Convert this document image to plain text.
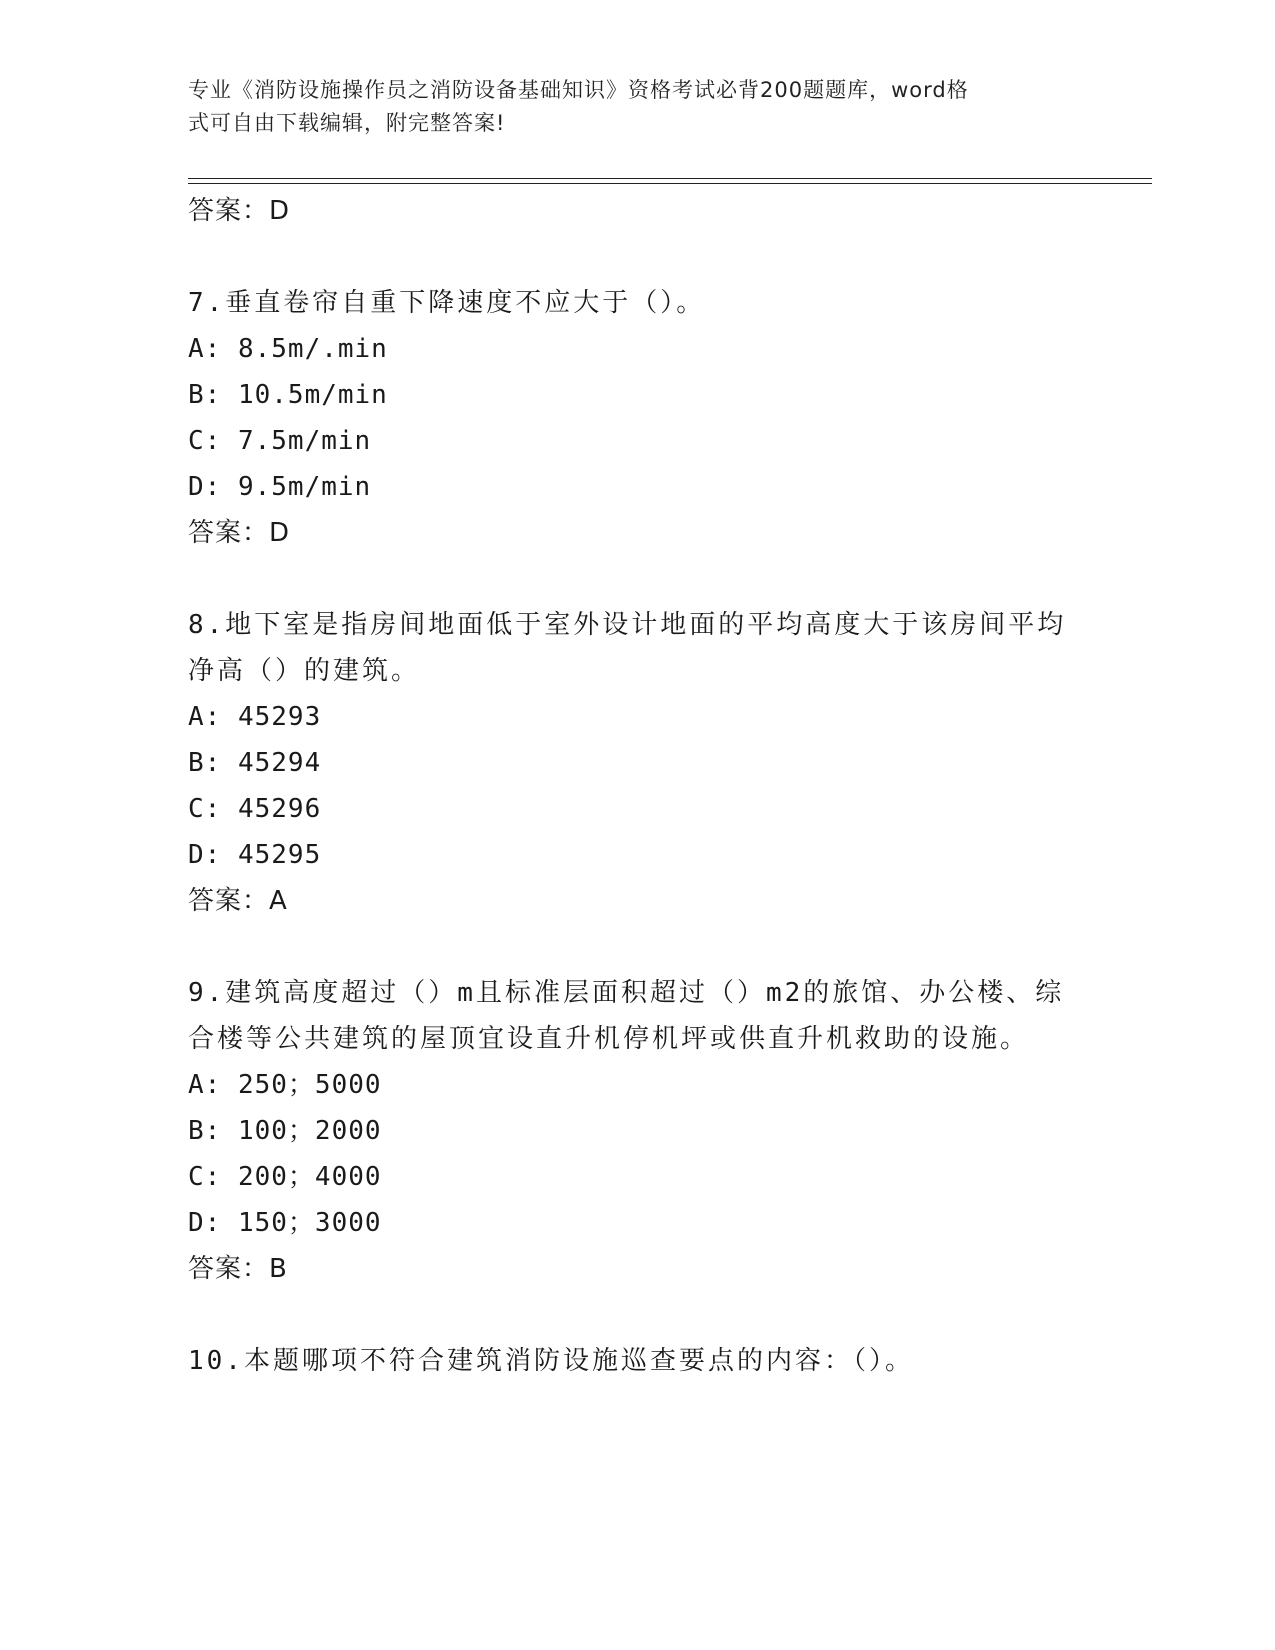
专业《消防设施操作员之消防设备基础知识》资格考试必背200题题库，word格
式可自由下载编辑，附完整答案!
答案：D
7.垂直卷帘自重下降速度不应大于（）。
A: 8.5m/.min
B: 10.5m/min
C: 7.5m/min
D: 9.5m/min
答案：D
8.地下室是指房间地面低于室外设计地面的平均高度大于该房间平均
净高（）的建筑。
A: 45293
B: 45294
C: 45296
D: 45295
答案：A
9.建筑高度超过（）m且标准层面积超过（）m2的旅馆、办公楼、综
合楼等公共建筑的屋顶宜设直升机停机坪或供直升机救助的设施。
A: 250；5000
B: 100；2000
C: 200；4000
D: 150；3000
答案：B
10.本题哪项不符合建筑消防设施巡查要点的内容：（）。
